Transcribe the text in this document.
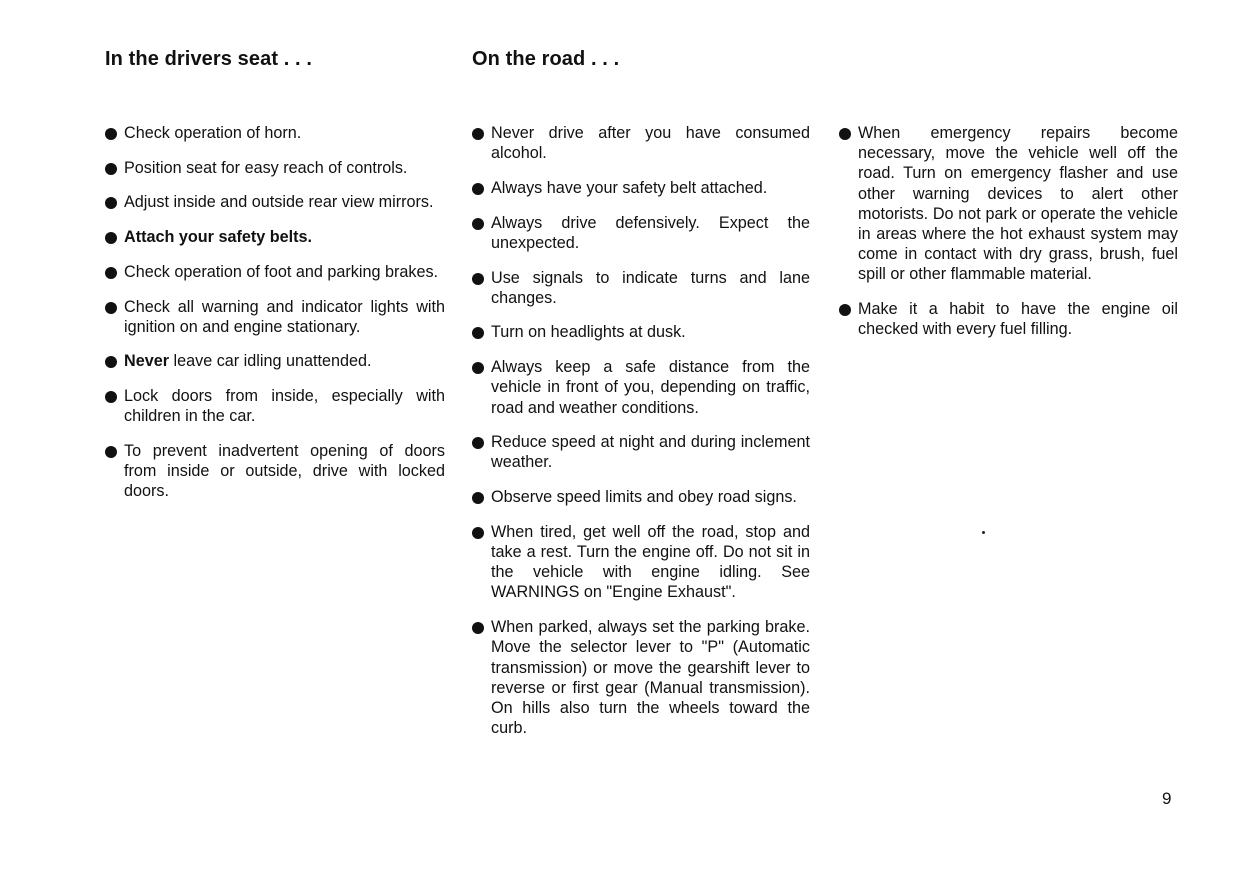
In the drivers seat . . .	On the road . . .
Check operation of horn.
Position seat for easy reach of controls.
Adjust inside and outside rear view mirrors.
Attach your safety belts.
Check operation of foot and parking brakes.
Check all warning and indicator lights with ignition on and engine stationary.
Never leave car idling unattended.
Lock doors from inside, especially with children in the car.
To prevent inadvertent opening of doors from inside or outside, drive with locked doors.
Never drive after you have consumed alcohol.
Always have your safety belt attached.
Always drive defensively. Expect the unexpected.
Use signals to indicate turns and lane changes.
Turn on headlights at dusk.
Always keep a safe distance from the vehicle in front of you, depending on traffic, road and weather conditions.
Reduce speed at night and during inclement weather.
Observe speed limits and obey road signs.
When tired, get well off the road, stop and take a rest. Turn the engine off. Do not sit in the vehicle with engine idling. See WARNINGS on "Engine Exhaust".
When parked, always set the parking brake. Move the selector lever to "P" (Automatic transmission) or move the gearshift lever to reverse or first gear (Manual transmission). On hills also turn the wheels toward the curb.
When emergency repairs become necessary, move the vehicle well off the road. Turn on emergency flasher and use other warning devices to alert other motorists. Do not park or operate the vehicle in areas where the hot exhaust system may come in contact with dry grass, brush, fuel spill or other flammable material.
Make it a habit to have the engine oil checked with every fuel filling.
9
